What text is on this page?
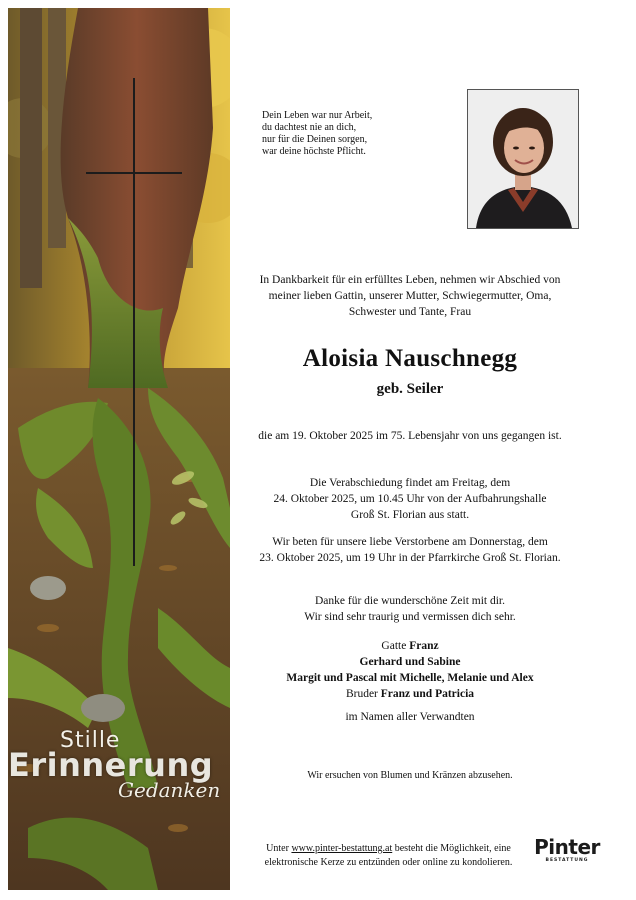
Stille
Erinnerung
Gedanken
Dein Leben war nur Arbeit,
du dachtest nie an dich,
nur für die Deinen sorgen,
war deine höchste Pflicht.
In Dankbarkeit für ein erfülltes Leben, nehmen wir Abschied von
meiner lieben Gattin, unserer Mutter, Schwiegermutter, Oma,
Schwester und Tante, Frau
Aloisia Nauschnegg
geb. Seiler
die am 19. Oktober 2025 im 75. Lebensjahr von uns gegangen ist.
Die Verabschiedung findet am Freitag, dem
24. Oktober 2025, um 10.45 Uhr von der Aufbahrungshalle
Groß St. Florian aus statt.
Wir beten für unsere liebe Verstorbene am Donnerstag, dem
23. Oktober 2025, um 19 Uhr in der Pfarrkirche Groß St. Florian.
Danke für die wunderschöne Zeit mit dir.
Wir sind sehr traurig und vermissen dich sehr.
Gatte Franz
Gerhard und Sabine
Margit und Pascal mit Michelle, Melanie und Alex
Bruder Franz und Patricia
im Namen aller Verwandten
Wir ersuchen von Blumen und Kränzen abzusehen.
Unter www.pinter-bestattung.at besteht die Möglichkeit, eine
elektronische Kerze zu entzünden oder online zu kondolieren.
Pinter
BESTATTUNG
